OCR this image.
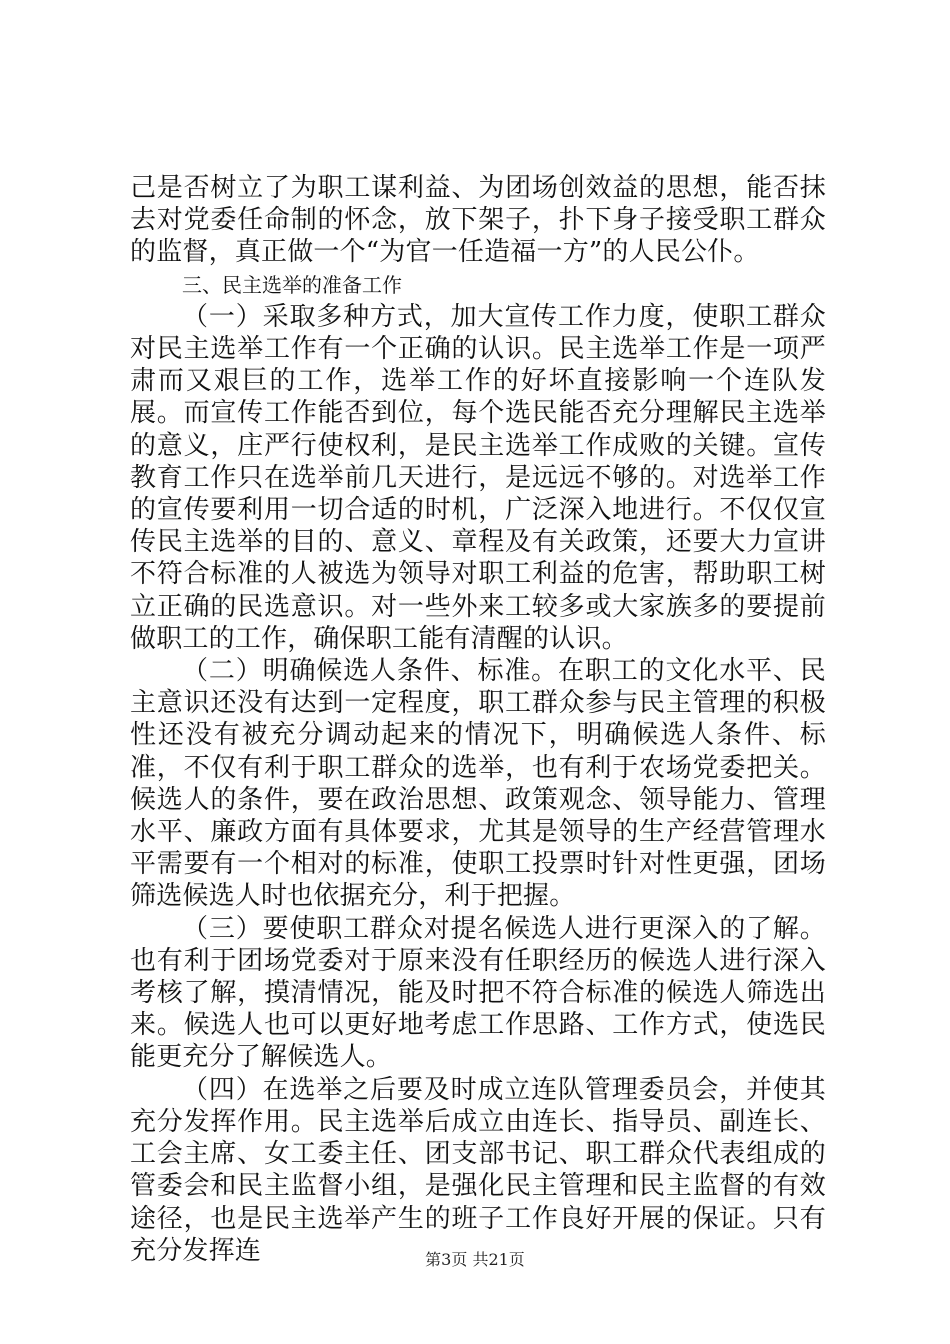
己是否树立了为职工谋利益、为团场创效益的思想，能否抹去对党委任命制的怀念，放下架子，扑下身子接受职工群众的监督，真正做一个“为官一任造福一方”的人民公仆。

三、民主选举的准备工作

（一）采取多种方式，加大宣传工作力度，使职工群众对民主选举工作有一个正确的认识。民主选举工作是一项严肃而又艰巨的工作，选举工作的好坏直接影响一个连队发展。而宣传工作能否到位，每个选民能否充分理解民主选举的意义，庄严行使权利，是民主选举工作成败的关键。宣传教育工作只在选举前几天进行，是远远不够的。对选举工作的宣传要利用一切合适的时机，广泛深入地进行。不仅仅宣传民主选举的目的、意义、章程及有关政策，还要大力宣讲不符合标准的人被选为领导对职工利益的危害，帮助职工树立正确的民选意识。对一些外来工较多或大家族多的要提前做职工的工作，确保职工能有清醒的认识。

（二）明确候选人条件、标准。在职工的文化水平、民主意识还没有达到一定程度，职工群众参与民主管理的积极性还没有被充分调动起来的情况下，明确候选人条件、标准，不仅有利于职工群众的选举，也有利于农场党委把关。候选人的条件，要在政治思想、政策观念、领导能力、管理水平、廉政方面有具体要求，尤其是领导的生产经营管理水平需要有一个相对的标准，使职工投票时针对性更强，团场筛选候选人时也依据充分，利于把握。

（三）要使职工群众对提名候选人进行更深入的了解。也有利于团场党委对于原来没有任职经历的候选人进行深入考核了解，摸清情况，能及时把不符合标准的候选人筛选出来。候选人也可以更好地考虑工作思路、工作方式，使选民能更充分了解候选人。

（四）在选举之后要及时成立连队管理委员会，并使其充分发挥作用。民主选举后成立由连长、指导员、副连长、工会主席、女工委主任、团支部书记、职工群众代表组成的管委会和民主监督小组，是强化民主管理和民主监督的有效途径，也是民主选举产生的班子工作良好开展的保证。只有充分发挥连	第3页 共21页
